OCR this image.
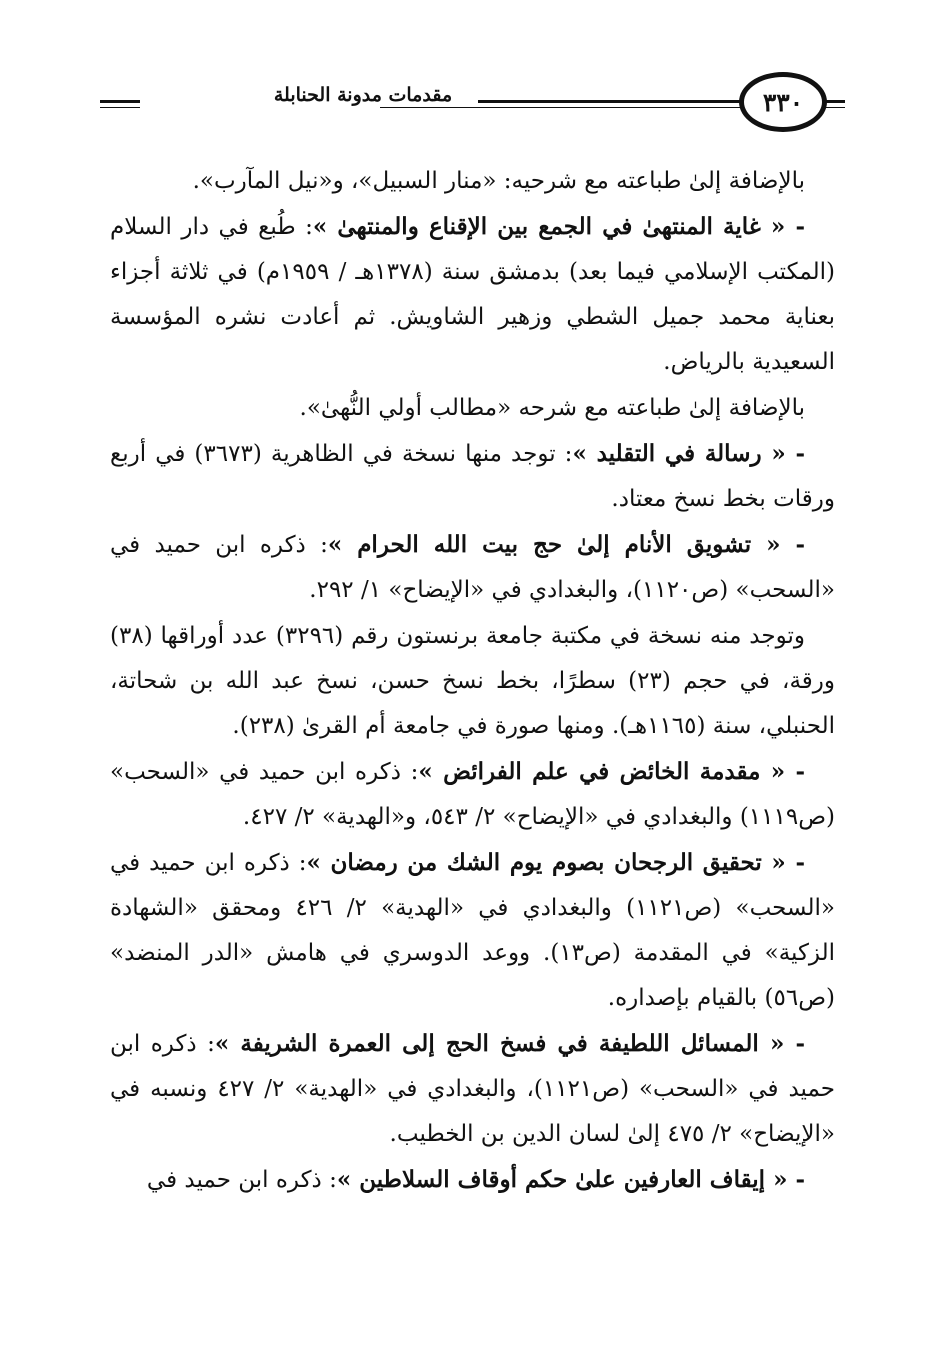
مقدمات مدونة الحنابلة	٣٣٠

بالإضافة إلىٰ طباعته مع شرحيه: «منار السبيل»، و«نيل المآرب».

- « غاية المنتهىٰ في الجمع بين الإقناع والمنتهىٰ »: طُبع في دار السلام (المكتب الإسلامي فيما بعد) بدمشق سنة (١٣٧٨هـ / ١٩٥٩م) في ثلاثة أجزاء بعناية محمد جميل الشطي وزهير الشاويش. ثم أعادت نشره المؤسسة السعيدية بالرياض.

بالإضافة إلىٰ طباعته مع شرحه «مطالب أولي النُّهىٰ».

- « رسالة في التقليد »: توجد منها نسخة في الظاهرية (٣٦٧٣) في أربع ورقات بخط نسخ معتاد.

- « تشويق الأنام إلىٰ حج بيت الله الحرام »: ذكره ابن حميد في «السحب» (ص١١٢٠)، والبغدادي في «الإيضاح» ١/ ٢٩٢.

وتوجد منه نسخة في مكتبة جامعة برنستون رقم (٣٢٩٦) عدد أوراقها (٣٨) ورقة، في حجم (٢٣) سطرًا، بخط نسخ حسن، نسخ عبد الله بن شحاتة، الحنبلي، سنة (١١٦٥هـ). ومنها صورة في جامعة أم القرىٰ (٢٣٨).

- « مقدمة الخائض في علم الفرائض »: ذكره ابن حميد في «السحب» (ص١١١٩) والبغدادي في «الإيضاح» ٢/ ٥٤٣، و«الهدية» ٢/ ٤٢٧.

- « تحقيق الرجحان بصوم يوم الشك من رمضان »: ذكره ابن حميد في «السحب» (ص١١٢١) والبغدادي في «الهدية» ٢/ ٤٢٦ ومحقق «الشهادة الزكية» في المقدمة (ص١٣). ووعد الدوسري في هامش «الدر المنضد» (ص٥٦) بالقيام بإصداره.

- « المسائل اللطيفة في فسخ الحج إلى العمرة الشريفة »: ذكره ابن حميد في «السحب» (ص١١٢١)، والبغدادي في «الهدية» ٢/ ٤٢٧ ونسبه في «الإيضاح» ٢/ ٤٧٥ إلىٰ لسان الدين بن الخطيب.

- « إيقاف العارفين علىٰ حكم أوقاف السلاطين »: ذكره ابن حميد في
